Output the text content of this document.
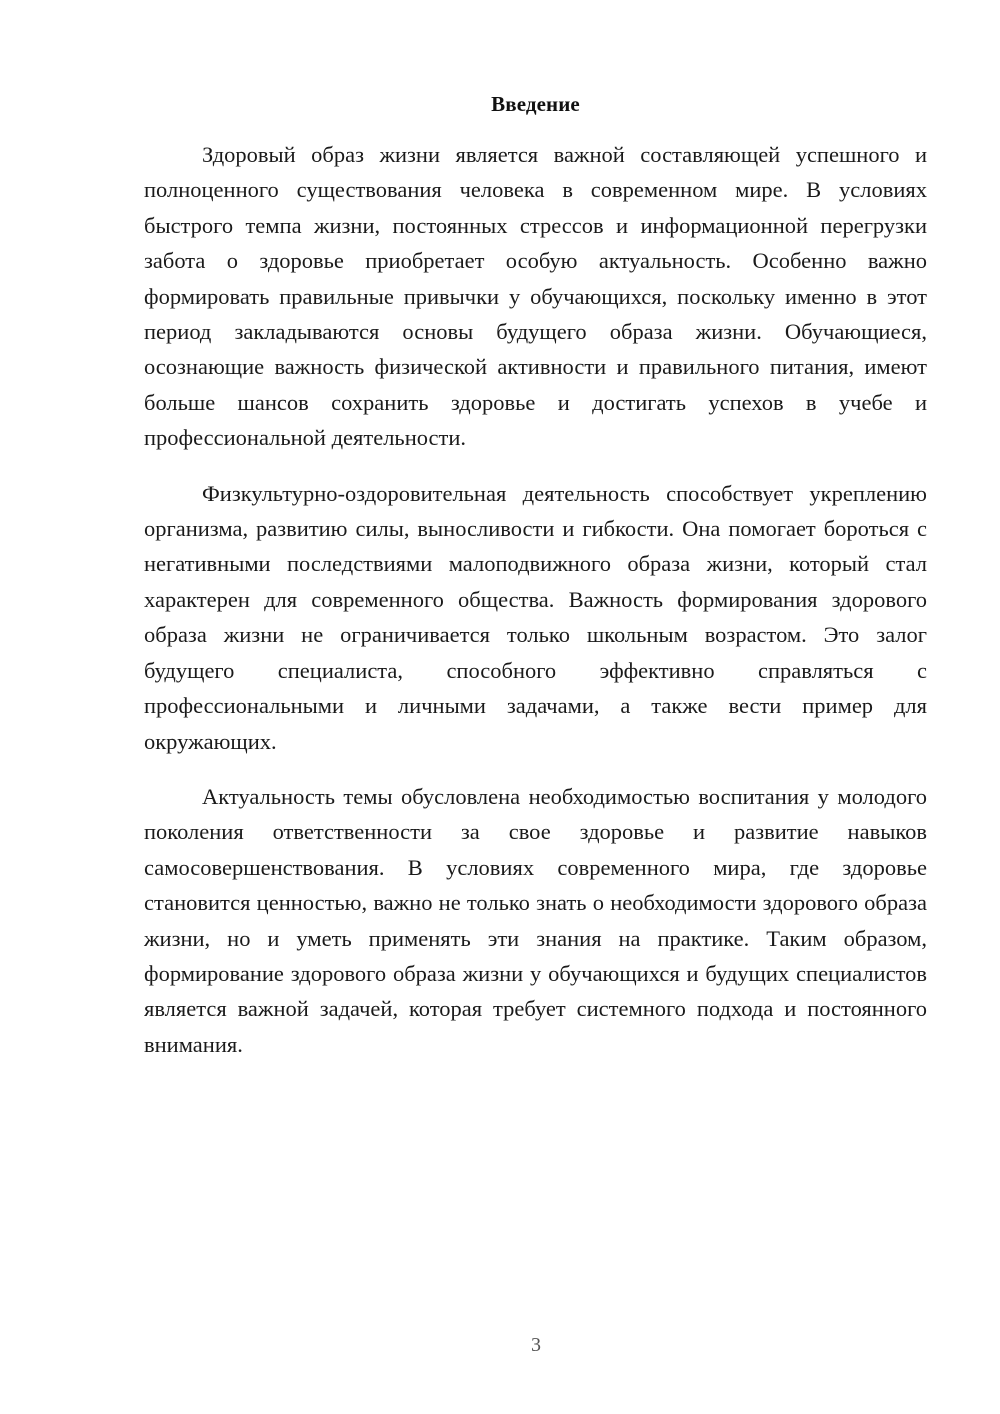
Введение

Здоровый образ жизни является важной составляющей успешного и полноценного существования человека в современном мире. В условиях быстрого темпа жизни, постоянных стрессов и информационной перегрузки забота о здоровье приобретает особую актуальность. Особенно важно формировать правильные привычки у обучающихся, поскольку именно в этот период закладываются основы будущего образа жизни. Обучающиеся, осознающие важность физической активности и правильного питания, имеют больше шансов сохранить здоровье и достигать успехов в учебе и профессиональной деятельности.

Физкультурно-оздоровительная деятельность способствует укреплению организма, развитию силы, выносливости и гибкости. Она помогает бороться с негативными последствиями малоподвижного образа жизни, который стал характерен для современного общества. Важность формирования здорового образа жизни не ограничивается только школьным возрастом. Это залог будущего специалиста, способного эффективно справляться с профессиональными и личными задачами, а также вести пример для окружающих.

Актуальность темы обусловлена необходимостью воспитания у молодого поколения ответственности за свое здоровье и развитие навыков самосовершенствования. В условиях современного мира, где здоровье становится ценностью, важно не только знать о необходимости здорового образа жизни, но и уметь применять эти знания на практике. Таким образом, формирование здорового образа жизни у обучающихся и будущих специалистов является важной задачей, которая требует системного подхода и постоянного внимания.

3
